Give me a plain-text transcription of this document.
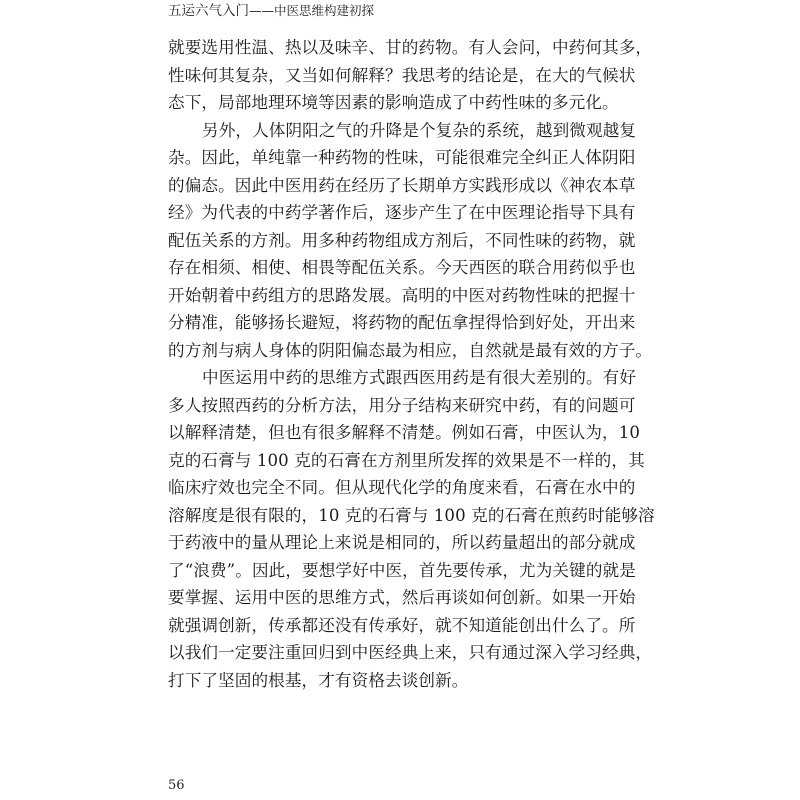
五运六气入门——中医思维构建初探
就要选用性温、热以及味辛、甘的药物。有人会问，中药何其多，
性味何其复杂，又当如何解释？我思考的结论是，在大的气候状
态下，局部地理环境等因素的影响造成了中药性味的多元化。
另外，人体阴阳之气的升降是个复杂的系统，越到微观越复
杂。因此，单纯靠一种药物的性味，可能很难完全纠正人体阴阳
的偏态。因此中医用药在经历了长期单方实践形成以《神农本草
经》为代表的中药学著作后，逐步产生了在中医理论指导下具有
配伍关系的方剂。用多种药物组成方剂后，不同性味的药物，就
存在相须、相使、相畏等配伍关系。今天西医的联合用药似乎也
开始朝着中药组方的思路发展。高明的中医对药物性味的把握十
分精准，能够扬长避短，将药物的配伍拿捏得恰到好处，开出来
的方剂与病人身体的阴阳偏态最为相应，自然就是最有效的方子。
中医运用中药的思维方式跟西医用药是有很大差别的。有好
多人按照西药的分析方法，用分子结构来研究中药，有的问题可
以解释清楚，但也有很多解释不清楚。例如石膏，中医认为，10
克的石膏与 100 克的石膏在方剂里所发挥的效果是不一样的，其
临床疗效也完全不同。但从现代化学的角度来看，石膏在水中的
溶解度是很有限的，10 克的石膏与 100 克的石膏在煎药时能够溶
于药液中的量从理论上来说是相同的，所以药量超出的部分就成
了“浪费”。因此，要想学好中医，首先要传承，尤为关键的就是
要掌握、运用中医的思维方式，然后再谈如何创新。如果一开始
就强调创新，传承都还没有传承好，就不知道能创出什么了。所
以我们一定要注重回归到中医经典上来，只有通过深入学习经典，
打下了坚固的根基，才有资格去谈创新。
56
